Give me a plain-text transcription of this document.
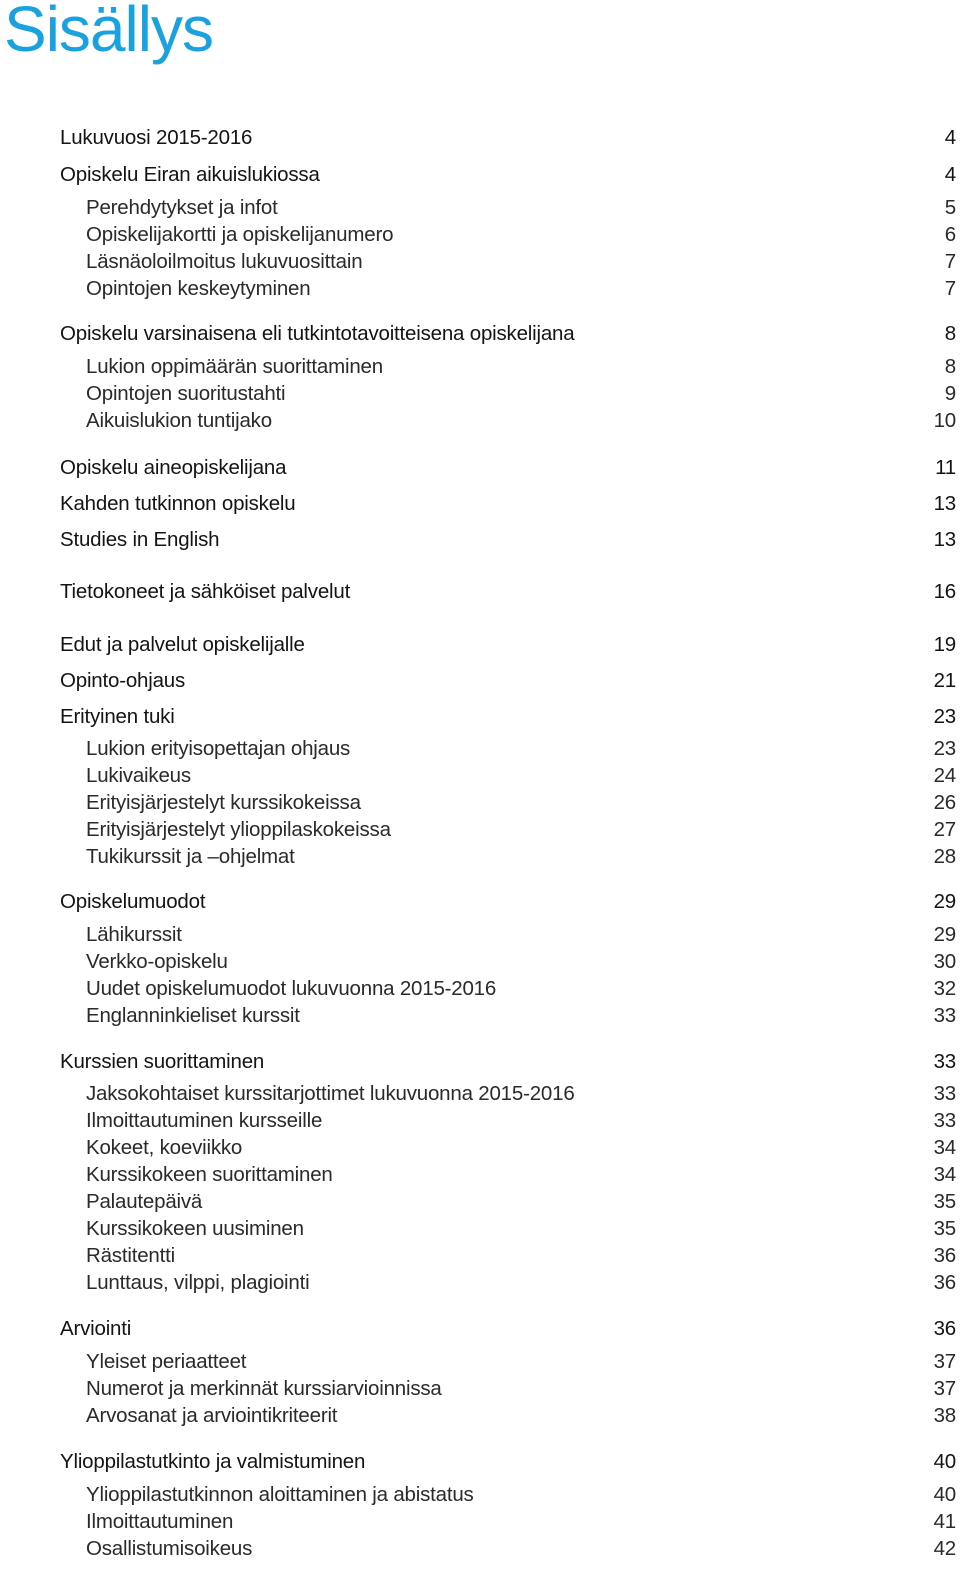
Sisällys
Lukuvuosi 2015-2016	4
Opiskelu Eiran aikuislukiossa	4
Perehdytykset ja infot	5
Opiskelijakortti ja opiskelijanumero	6
Läsnäoloilmoitus lukuvuosittain	7
Opintojen keskeytyminen	7
Opiskelu varsinaisena eli tutkintotavoitteisena opiskelijana	8
Lukion oppimäärän suorittaminen	8
Opintojen suoritustahti	9
Aikuislukion tuntijako	10
Opiskelu aineopiskelijana	11
Kahden tutkinnon opiskelu	13
Studies in English	13
Tietokoneet ja sähköiset palvelut	16
Edut ja palvelut opiskelijalle	19
Opinto-ohjaus	21
Erityinen tuki	23
Lukion erityisopettajan ohjaus	23
Lukivaikeus	24
Erityisjärjestelyt kurssikokeissa	26
Erityisjärjestelyt ylioppilaskokeissa	27
Tukikurssit ja –ohjelmat	28
Opiskelumuodot	29
Lähikurssit	29
Verkko-opiskelu	30
Uudet opiskelumuodot lukuvuonna 2015-2016	32
Englanninkieliset kurssit	33
Kurssien suorittaminen	33
Jaksokohtaiset kurssitarjottimet lukuvuonna 2015-2016	33
Ilmoittautuminen kursseille	33
Kokeet, koeviikko	34
Kurssikokeen suorittaminen	34
Palautepäivä	35
Kurssikokeen uusiminen	35
Rästitentti	36
Lunttaus, vilppi, plagiointi	36
Arviointi	36
Yleiset periaatteet	37
Numerot ja merkinnät kurssiarvioinnissa	37
Arvosanat ja arviointikriteerit	38
Ylioppilastutkinto ja valmistuminen	40
Ylioppilastutkinnon aloittaminen ja abistatus	40
Ilmoittautuminen	41
Osallistumisoikeus	42
